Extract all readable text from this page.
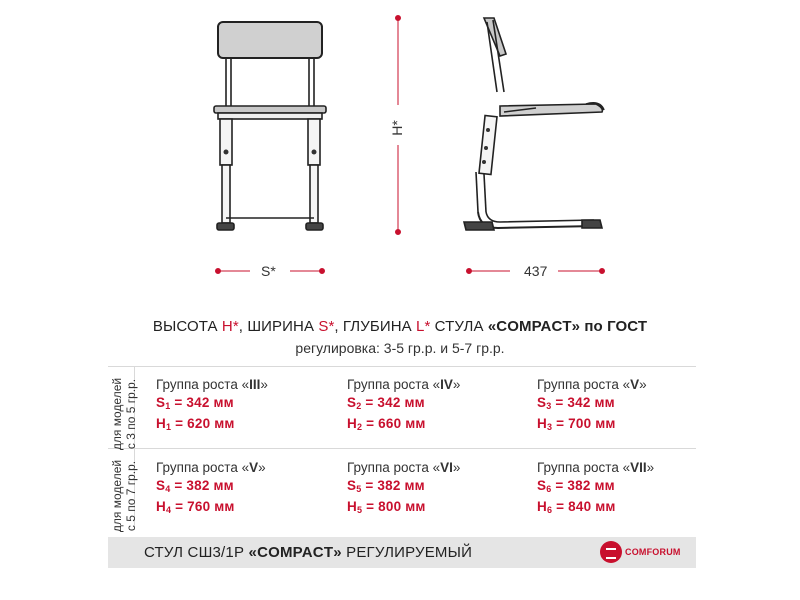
S*
H*
437
ВЫСОТА H*, ШИРИНА S*, ГЛУБИНА L* СТУЛА «COMPACT» по ГОСТ
регулировка: 3-5 гр.р. и 5-7 гр.р.
для моделей с 3 по 5 гр.р.
для моделей с 5 по 7 гр.р.
Группа роста «III»
$S_1 = 342$ мм
$H_1 = 620$ мм
Группа роста «IV»
$S_2 = 342$ мм
$H_2 = 660$ мм
Группа роста «V»
$S_3 = 342$ мм
$H_3 = 700$ мм
Группа роста «V»
$S_4 = 382$ мм
$H_4 = 760$ мм
Группа роста «VI»
$S_5 = 382$ мм
$H_5 = 800$ мм
Группа роста «VII»
$S_6 = 382$ мм
$H_6 = 840$ мм
СТУЛ СШ3/1Р «COMPACT» РЕГУЛИРУЕМЫЙ	COMFORUM
